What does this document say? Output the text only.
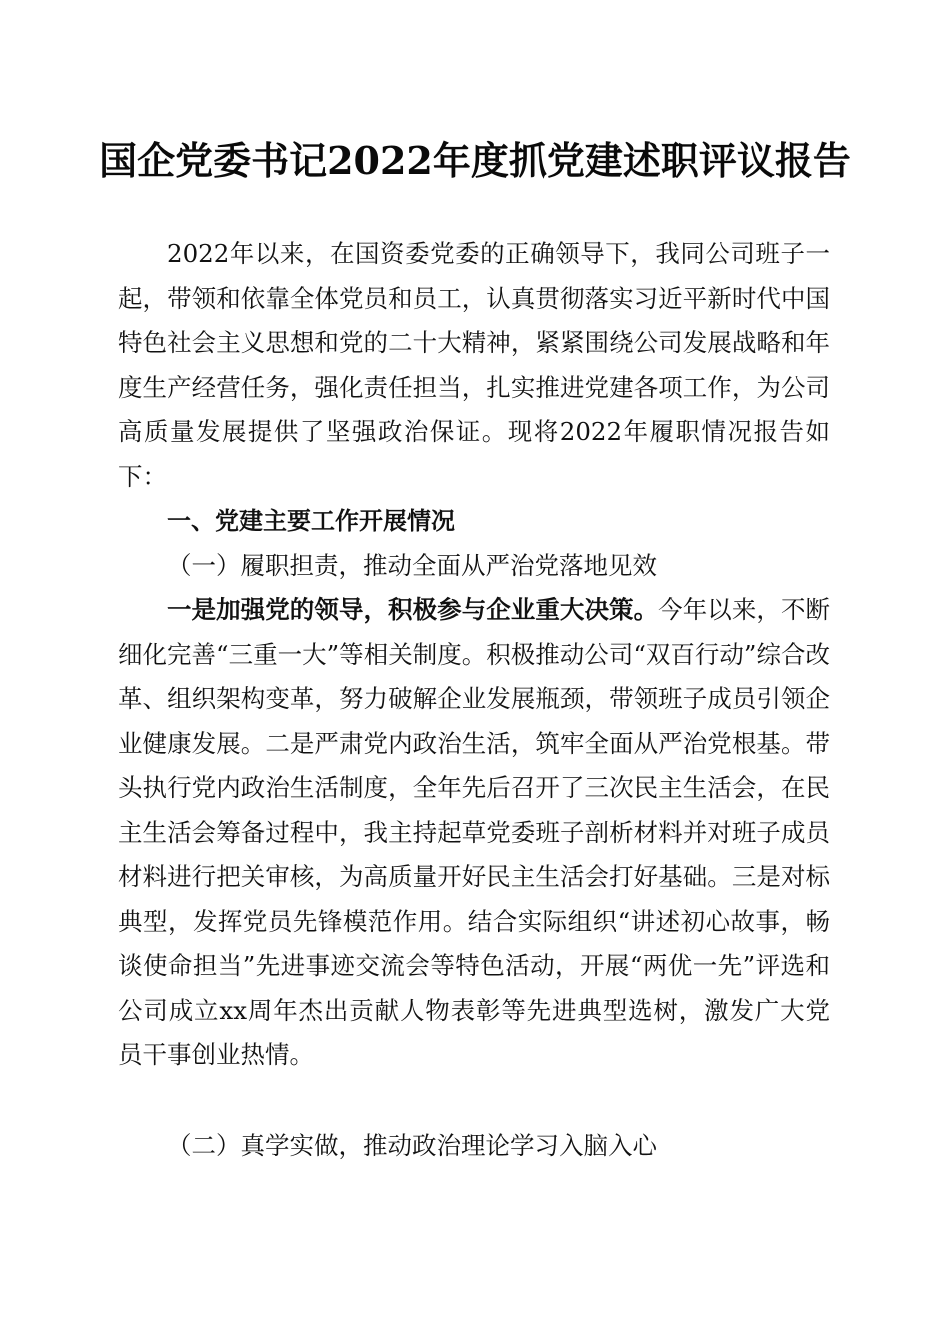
国企党委书记2022年度抓党建述职评议报告

2022年以来，在国资委党委的正确领导下，我同公司班子一起，带领和依靠全体党员和员工，认真贯彻落实习近平新时代中国特色社会主义思想和党的二十大精神，紧紧围绕公司发展战略和年度生产经营任务，强化责任担当，扎实推进党建各项工作，为公司高质量发展提供了坚强政治保证。现将2022年履职情况报告如下：

一、党建主要工作开展情况

（一）履职担责，推动全面从严治党落地见效

一是加强党的领导，积极参与企业重大决策。今年以来，不断细化完善“三重一大”等相关制度。积极推动公司“双百行动”综合改革、组织架构变革，努力破解企业发展瓶颈，带领班子成员引领企业健康发展。二是严肃党内政治生活，筑牢全面从严治党根基。带头执行党内政治生活制度，全年先后召开了三次民主生活会，在民主生活会筹备过程中，我主持起草党委班子剖析材料并对班子成员材料进行把关审核，为高质量开好民主生活会打好基础。三是对标典型，发挥党员先锋模范作用。结合实际组织“讲述初心故事，畅谈使命担当”先进事迹交流会等特色活动，开展“两优一先”评选和公司成立xx周年杰出贡献人物表彰等先进典型选树，激发广大党员干事创业热情。

（二）真学实做，推动政治理论学习入脑入心
